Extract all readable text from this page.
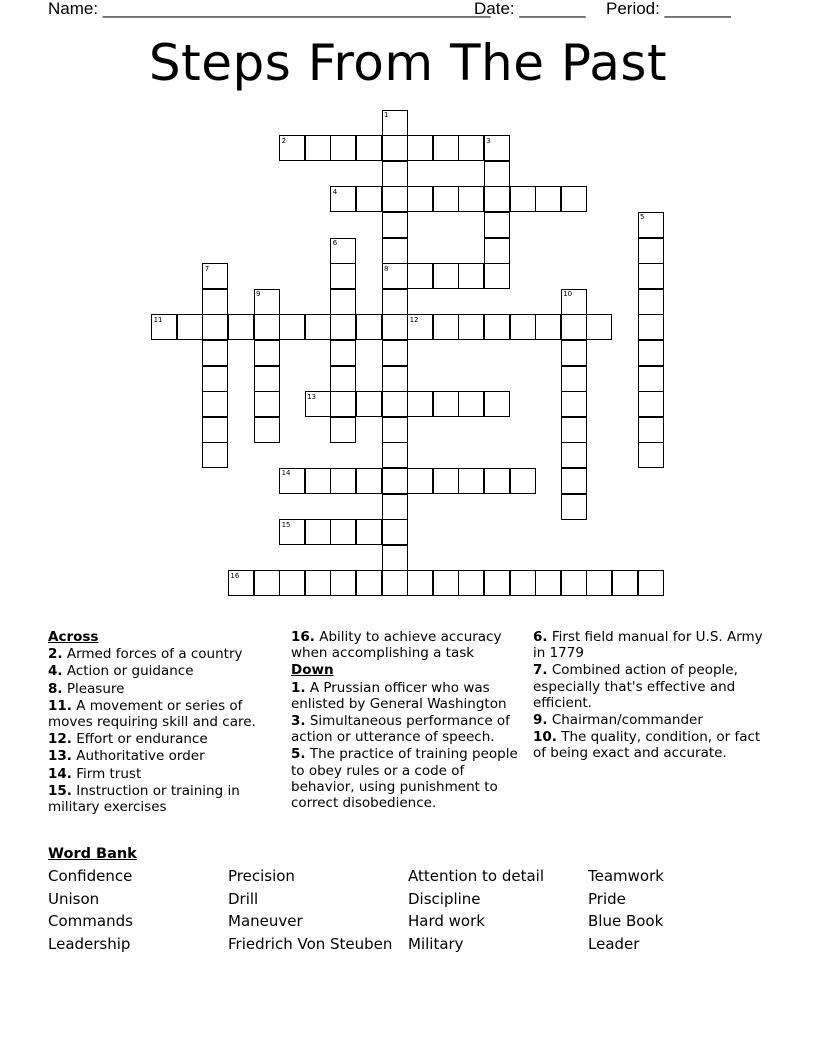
Name: _________________________________________
Date: _______ Period: _______
Steps From The Past
1
2	3
4
5
6
7	8
9	10
11	12
13
14
15
16
Across
2. Armed forces of a country
4. Action or guidance
8. Pleasure
11. A movement or series of moves requiring skill and care.
12. Effort or endurance
13. Authoritative order
14. Firm trust
15. Instruction or training in military exercises
16. Ability to achieve accuracy when accomplishing a task
Down
1. A Prussian officer who was enlisted by General Washington
3. Simultaneous performance of action or utterance of speech.
5. The practice of training people to obey rules or a code of behavior, using punishment to correct disobedience.
6. First field manual for U.S. Army in 1779
7. Combined action of people, especially that's effective and efficient.
9. Chairman/commander
10. The quality, condition, or fact of being exact and accurate.
Word Bank
Confidence
Unison
Commands
Leadership
Precision
Drill
Maneuver
Friedrich Von Steuben
Attention to detail
Discipline
Hard work
Military
Teamwork
Pride
Blue Book
Leader
